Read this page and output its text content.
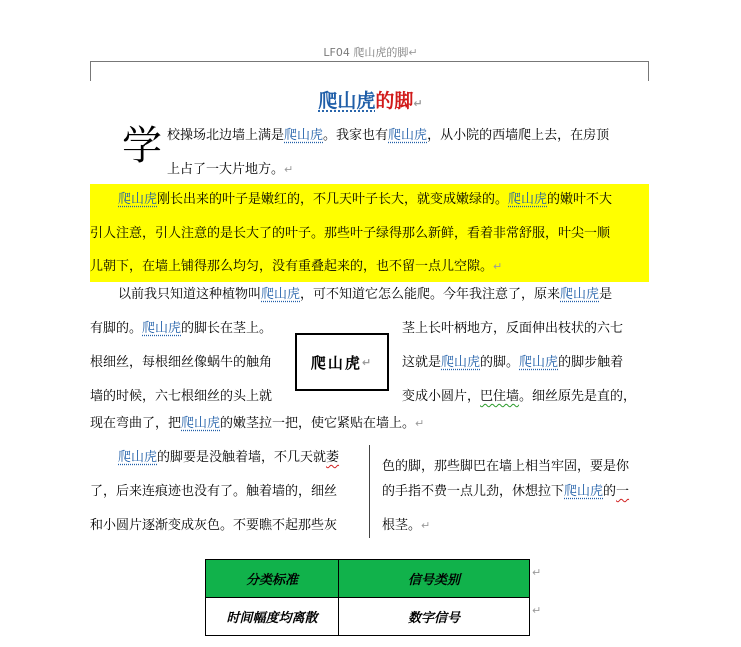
LF04 爬山虎的脚↵
爬山虎的脚↵
学 校操场北边墙上满是爬山虎。我家也有爬山虎，从小院的西墙爬上去，在房顶
上占了一大片地方。↵
爬山虎刚长出来的叶子是嫩红的，不几天叶子长大，就变成嫩绿的。爬山虎的嫩叶不大
引人注意，引人注意的是长大了的叶子。那些叶子绿得那么新鲜，看着非常舒服，叶尖一顺
儿朝下，在墙上铺得那么均匀，没有重叠起来的，也不留一点儿空隙。↵
以前我只知道这种植物叫爬山虎，可不知道它怎么能爬。今年我注意了，原来爬山虎是
有脚的。爬山虎的脚长在茎上。	茎上长叶柄地方，反面伸出枝状的六七
根细丝，每根细丝像蜗牛的触角	这就是爬山虎的脚。爬山虎的脚步触着
墙的时候，六七根细丝的头上就	变成小圆片，巴住墙。细丝原先是直的，
现在弯曲了，把爬山虎的嫩茎拉一把，使它紧贴在墙上。↵
爬山虎 ↵
爬山虎的脚要是没触着墙，不几天就萎
了，后来连痕迹也没有了。触着墙的，细丝
和小圆片逐渐变成灰色。不要瞧不起那些灰
色的脚，那些脚巴在墙上相当牢固，要是你
的手指不费一点儿劲，休想拉下爬山虎的一
根茎。↵
分类标准	信号类别
时间幅度均离散	数字信号
↵
↵
